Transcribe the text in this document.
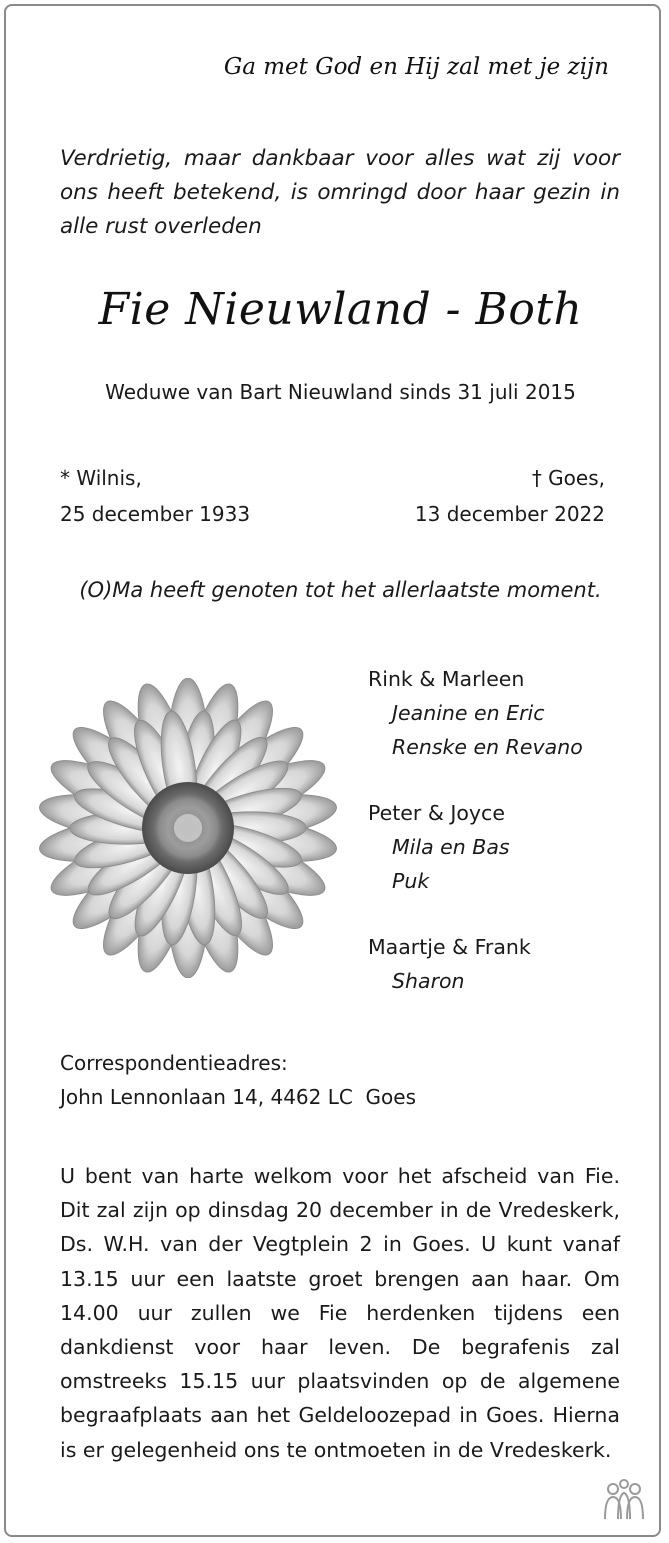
Ga met God en Hij zal met je zijn
Verdrietig, maar dankbaar voor alles wat zij voor ons heeft betekend, is omringd door haar gezin in alle rust overleden
Fie Nieuwland - Both
Weduwe van Bart Nieuwland sinds 31 juli 2015
* Wilnis,
25 december 1933
† Goes,
13 december 2022
(O)Ma heeft genoten tot het allerlaatste moment.
Rink & Marleen
Jeanine en Eric
Renske en Revano
Peter & Joyce
Mila en Bas
Puk
Maartje & Frank
Sharon
Correspondentieadres:
John Lennonlaan 14, 4462 LC  Goes
U bent van harte welkom voor het afscheid van Fie. Dit zal zijn op dinsdag 20 december in de Vredeskerk, Ds. W.H. van der Vegtplein 2 in Goes. U kunt vanaf 13.15 uur een laatste groet brengen aan haar. Om 14.00 uur zullen we Fie herdenken tijdens een dankdienst voor haar leven. De begrafenis zal omstreeks 15.15 uur plaatsvinden op de algemene begraafplaats aan het Geldeloozepad in Goes. Hierna is er gelegenheid ons te ontmoeten in de Vredeskerk.
